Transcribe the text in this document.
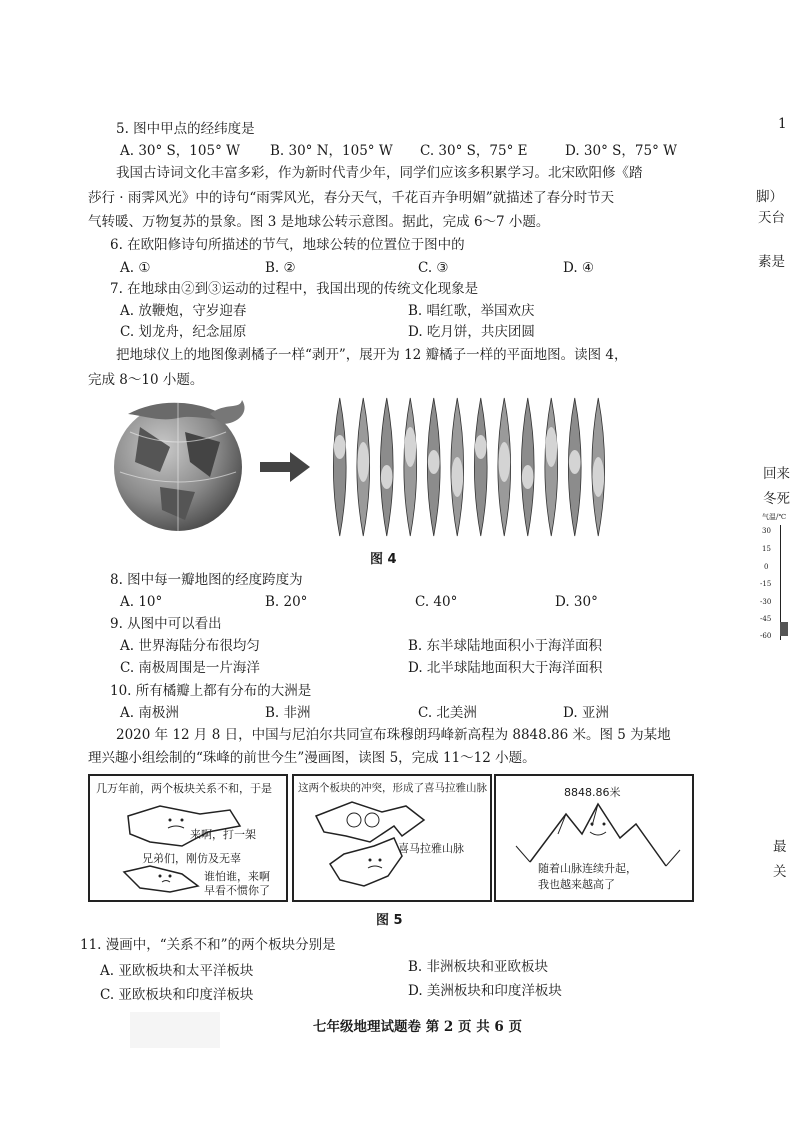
5. 图中甲点的经纬度是
A. 30° S，105° W B. 30° N，105° W C. 30° S，75° E	D. 30° S，75° W
我国古诗词文化丰富多彩，作为新时代青少年，同学们应该多积累学习。北宋欧阳修《踏
莎行 · 雨霁风光》中的诗句“雨霁风光，春分天气，千花百卉争明媚”就描述了春分时节天
气转暖、万物复苏的景象。图 3 是地球公转示意图。据此，完成 6～7 小题。
6. 在欧阳修诗句所描述的节气，地球公转的位置位于图中的
A. ①	B. ②	C. ③	D. ④
7. 在地球由②到③运动的过程中，我国出现的传统文化现象是
A. 放鞭炮，守岁迎春	B. 唱红歌，举国欢庆
C. 划龙舟，纪念屈原	D. 吃月饼，共庆团圆
把地球仪上的地图像剥橘子一样“剥开”，展开为 12 瓣橘子一样的平面地图。读图 4，
完成 8～10 小题。
图 4
8. 图中每一瓣地图的经度跨度为
A. 10°	B. 20°	C. 40°	D. 30°
9. 从图中可以看出
A. 世界海陆分布很均匀	B. 东半球陆地面积小于海洋面积
C. 南极周围是一片海洋	D. 北半球陆地面积大于海洋面积
10. 所有橘瓣上都有分布的大洲是
A. 南极洲	B. 非洲	C. 北美洲	D. 亚洲
2020 年 12 月 8 日，中国与尼泊尔共同宣布珠穆朗玛峰新高程为 8848.86 米。图 5 为某地
理兴趣小组绘制的“珠峰的前世今生”漫画图，读图 5，完成 11～12 小题。
几万年前，两个板块关系不和，于是
来啊，打一架
兄弟们，刚仿及无辜
谁怕谁，来啊
早看不惯你了
这两个板块的冲突，形成了喜马拉雅山脉
喜马拉雅山脉
8848.86米
随着山脉连续升起，
我也越来越高了
图 5
11. 漫画中，“关系不和”的两个板块分别是
A. 亚欧板块和太平洋板块	B. 非洲板块和亚欧板块
C. 亚欧板块和印度洋板块	D. 美洲板块和印度洋板块
七年级地理试题卷 第 2 页 共 6 页
1
脚）
天台
素是
回来
冬死
气温/℃
30
15
0
-15
-30
-45
-60
最
关
